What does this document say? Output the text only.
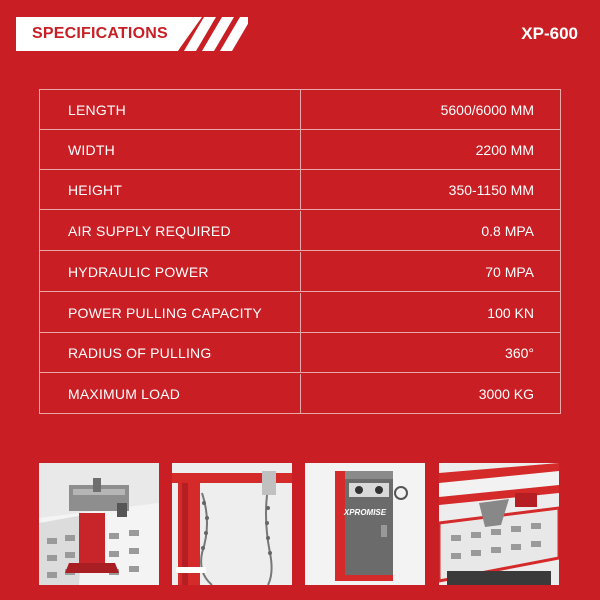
SPECIFICATIONS	XP-600
LENGTH	5600/6000 MM
WIDTH	2200 MM
HEIGHT	350-1150 MM
AIR SUPPLY REQUIRED	0.8 MPA
HYDRAULIC POWER	70 MPA
POWER PULLING CAPACITY	100 KN
RADIUS OF PULLING	360°
MAXIMUM LOAD	3000 KG
XPROMISE
